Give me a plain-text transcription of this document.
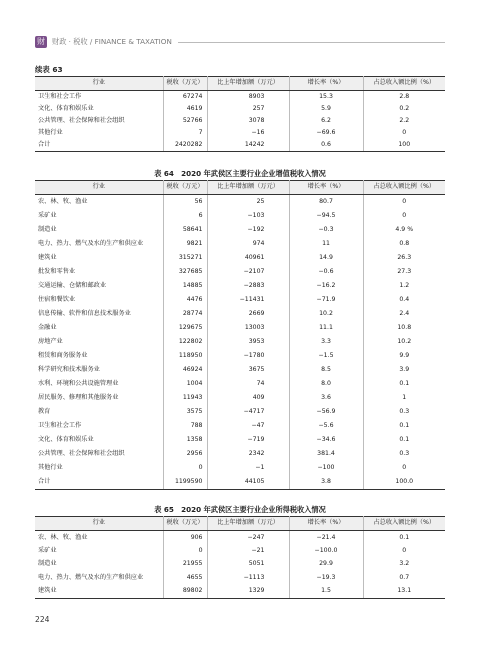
财 财政 · 税收 / FINANCE & TAXATION
续表 63
行业	税收（万元）	比上年增加额（万元）	增长率（%）	占总收入额比例（%）
卫生和社会工作	67274	8903	15.3	2.8
文化、体育和娱乐业	4619	257	5.9	0.2
公共管理、社会保障和社会组织	52766	3078	6.2	2.2
其他行业	7	−16	−69.6	0
合计	2420282	14242	0.6	100
表 64　2020 年武侯区主要行业企业增值税收入情况
行业	税收（万元）	比上年增加额（万元）	增长率（%）	占总收入额比例（%）
农、林、牧、渔业	56	25	80.7	0
采矿业	6	−103	−94.5	0
制造业	58641	−192	−0.3	4.9 %
电力、热力、燃气及水的生产和供应业	9821	974	11	0.8
建筑业	315271	40961	14.9	26.3
批发和零售业	327685	−2107	−0.6	27.3
交通运输、仓储和邮政业	14885	−2883	−16.2	1.2
住宿和餐饮业	4476	−11431	−71.9	0.4
信息传输、软件和信息技术服务业	28774	2669	10.2	2.4
金融业	129675	13003	11.1	10.8
房地产业	122802	3953	3.3	10.2
租赁和商务服务业	118950	−1780	−1.5	9.9
科学研究和技术服务业	46924	3675	8.5	3.9
水利、环境和公共设施管理业	1004	74	8.0	0.1
居民服务、修理和其他服务业	11943	409	3.6	1
教育	3575	−4717	−56.9	0.3
卫生和社会工作	788	−47	−5.6	0.1
文化、体育和娱乐业	1358	−719	−34.6	0.1
公共管理、社会保障和社会组织	2956	2342	381.4	0.3
其他行业	0	−1	−100	0
合计	1199590	44105	3.8	100.0
表 65　2020 年武侯区主要行业企业所得税收入情况
行业	税收（万元）	比上年增加额（万元）	增长率（%）	占总收入额比例（%）
农、林、牧、渔业	906	−247	−21.4	0.1
采矿业	0	−21	−100.0	0
制造业	21955	5051	29.9	3.2
电力、热力、燃气及水的生产和供应业	4655	−1113	−19.3	0.7
建筑业	89802	1329	1.5	13.1
224
